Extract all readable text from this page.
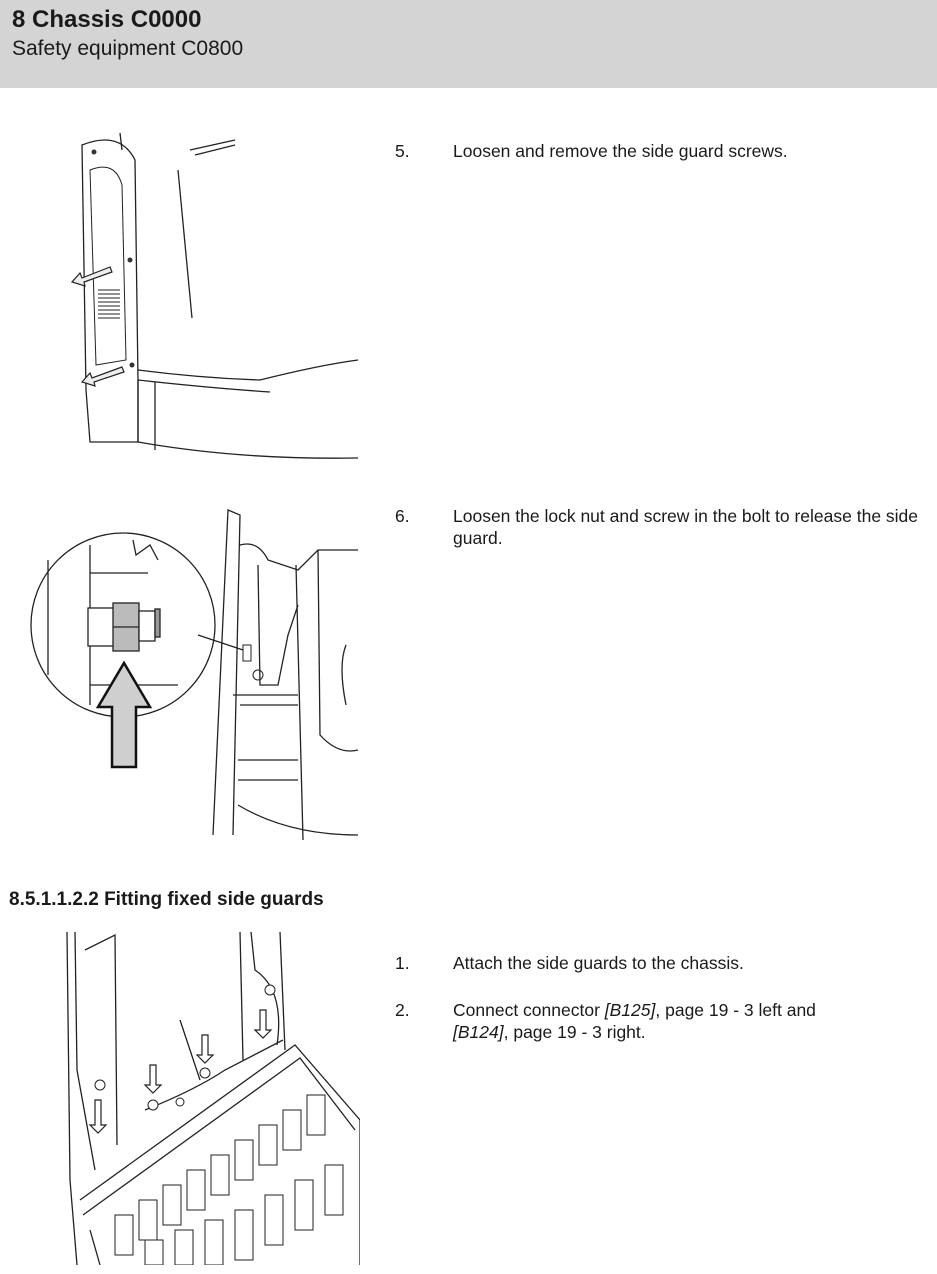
8 Chassis C0000
Safety equipment C0800
5.	Loosen and remove the side guard screws.
6.	Loosen the lock nut and screw in the bolt to release the side guard.
8.5.1.1.2.2 Fitting fixed side guards
1.	Attach the side guards to the chassis.
2.	Connect connector [B125], page 19 - 3 left and
[B124], page 19 - 3 right.
